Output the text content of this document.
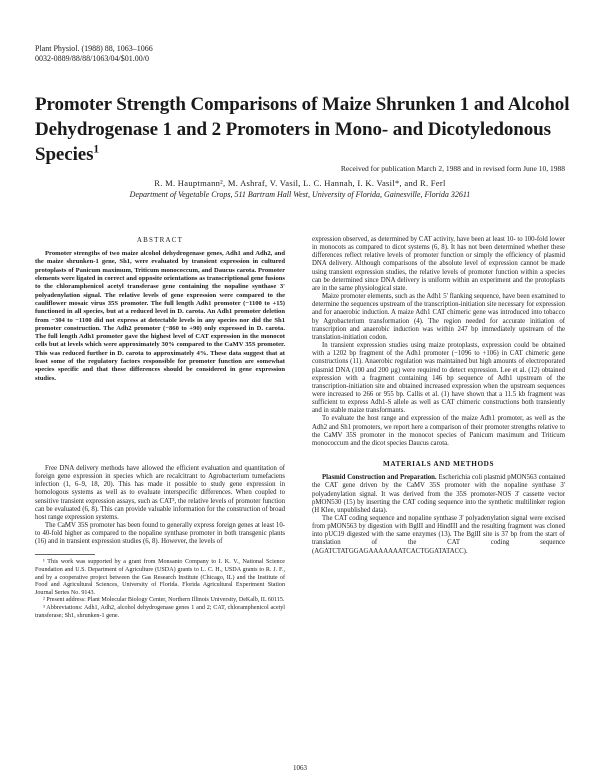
Plant Physiol. (1988) 88, 1063–1066
0032-0889/88/88/1063/04/$01.00/0
Promoter Strength Comparisons of Maize Shrunken 1 and Alcohol Dehydrogenase 1 and 2 Promoters in Mono- and Dicotyledonous Species$^1$
Received for publication March 2, 1988 and in revised form June 10, 1988
R. M. Hauptmann², M. Ashraf, V. Vasil, L. C. Hannah, I. K. Vasil*, and R. Ferl
Department of Vegetable Crops, 511 Bartram Hall West, University of Florida, Gainesville, Florida 32611
ABSTRACT

Promoter strengths of two maize alcohol dehydrogenase genes, Adh1 and Adh2, and the maize shrunken-1 gene, Sh1, were evaluated by transient expression in cultured protoplasts of Panicum maximum, Triticum monococcum, and Daucus carota. Promoter elements were ligated in correct and opposite orientations as transcriptional gene fusions to the chloramphenicol acetyl transferase gene containing the nopaline synthase 3' polyadenylation signal. The relative levels of gene expression were compared to the cauliflower mosaic virus 35S promoter. The full length Adh1 promoter (−1100 to +15) functioned in all species, but at a reduced level in D. carota. An Adh1 promoter deletion from −304 to −1100 did not express at detectable levels in any species nor did the Sh1 promoter construction. The Adh2 promoter (−860 to +90) only expressed in D. carota. The full length Adh1 promoter gave the highest level of CAT expression in the monocot cells but at levels which were approximately 30% compared to the CaMV 35S promoter. This was reduced further in D. carota to approximately 4%. These data suggest that at least some of the regulatory factors responsible for promoter function are somewhat species specific and that these differences should be considered in gene expression studies.

Free DNA delivery methods have allowed the efficient evaluation and quantitation of foreign gene expression in species which are recalcitrant to Agrobacterium tumefaciens infection (1, 6–9, 18, 20). This has made it possible to study gene expression in homologous systems as well as to evaluate interspecific differences. When coupled to sensitive transient expression assays, such as CAT³, the relative levels of promoter function can be evaluated (6, 8). This can provide valuable information for the construction of broad host range expression systems.

The CaMV 35S promoter has been found to generally express foreign genes at least 10- to 40-fold higher as compared to the nopaline synthase promoter in both transgenic plants (16) and in transient expression studies (6, 8). However, the levels of

¹ This work was supported by a grant from Monsanto Company to I. K. V., National Science Foundation and U.S. Department of Agriculture (USDA) grants to L. C. H., USDA grants to R. J. F., and by a cooperative project between the Gas Research Institute (Chicago, IL) and the Institute of Food and Agricultural Sciences, University of Florida. Florida Agricultural Experiment Station Journal Series No. 9143.

² Present address: Plant Molecular Biology Center, Northern Illinois University, DeKalb, IL 60115.

³ Abbreviations: Adh1, Adh2, alcohol dehydrogenase genes 1 and 2; CAT, chloramphenicol acetyl transferase; Sh1, shrunken-1 gene.

expression observed, as determined by CAT activity, have been at least 10- to 100-fold lower in monocots as compared to dicot systems (6, 8). It has not been determined whether these differences reflect relative levels of promoter function or simply the efficiency of plasmid DNA delivery. Although comparisons of the absolute level of expression cannot be made using transient expression studies, the relative levels of promoter function within a species can be determined since DNA delivery is uniform within an experiment and the protoplasts are in the same physiological state.

Maize promoter elements, such as the Adh1 5' flanking sequence, have been examined to determine the sequences upstream of the transcription-initiation site necessary for expression and for anaerobic induction. A maize Adh1 CAT chimeric gene was introduced into tobacco by Agrobacterium transformation (4). The region needed for accurate initiation of transcription and anaerobic induction was within 247 bp immediately upstream of the translation-initiation codon.

In transient expression studies using maize protoplasts, expression could be obtained with a 1202 bp fragment of the Adh1 promoter (−1096 to +106) in CAT chimeric gene constructions (11). Anaerobic regulation was maintained but high amounts of electroporated plasmid DNA (100 and 200 µg) were required to detect expression. Lee et al. (12) obtained expression with a fragment containing 146 bp sequence of Adh1 upstream of the transcription-initiation site and obtained increased expression when the upstream sequences were increased to 266 or 955 bp. Callis et al. (1) have shown that a 11.5 kb fragment was sufficient to express Adh1-S allele as well as CAT chimeric constructions both transiently and in stable maize transformants.

To evaluate the host range and expression of the maize Adh1 promoter, as well as the Adh2 and Sh1 promoters, we report here a comparison of their promoter strengths relative to the CaMV 35S promoter in the monocot species of Panicum maximum and Triticum monococcum and the dicot species Daucus carota.

MATERIALS AND METHODS

Plasmid Construction and Preparation. Escherichia coli plasmid pMON563 contained the CAT gene driven by the CaMV 35S promoter with the nopaline synthase 3' polyadenylation signal. It was derived from the 35S promoter-NOS 3' cassette vector pMON530 (15) by inserting the CAT coding sequence into the synthetic multilinker region (H Klee, unpublished data).

The CAT coding sequence and nopaline synthase 3' polyadenylation signal were excised from pMON563 by digestion with BglII and HindIII and the resulting fragment was cloned into pUC19 digested with the same enzymes (13). The BglII site is 37 bp from the start of translation of the CAT coding sequence (AGATCTATGGAGAAAAAAATCACTGGATATACC).

1063
